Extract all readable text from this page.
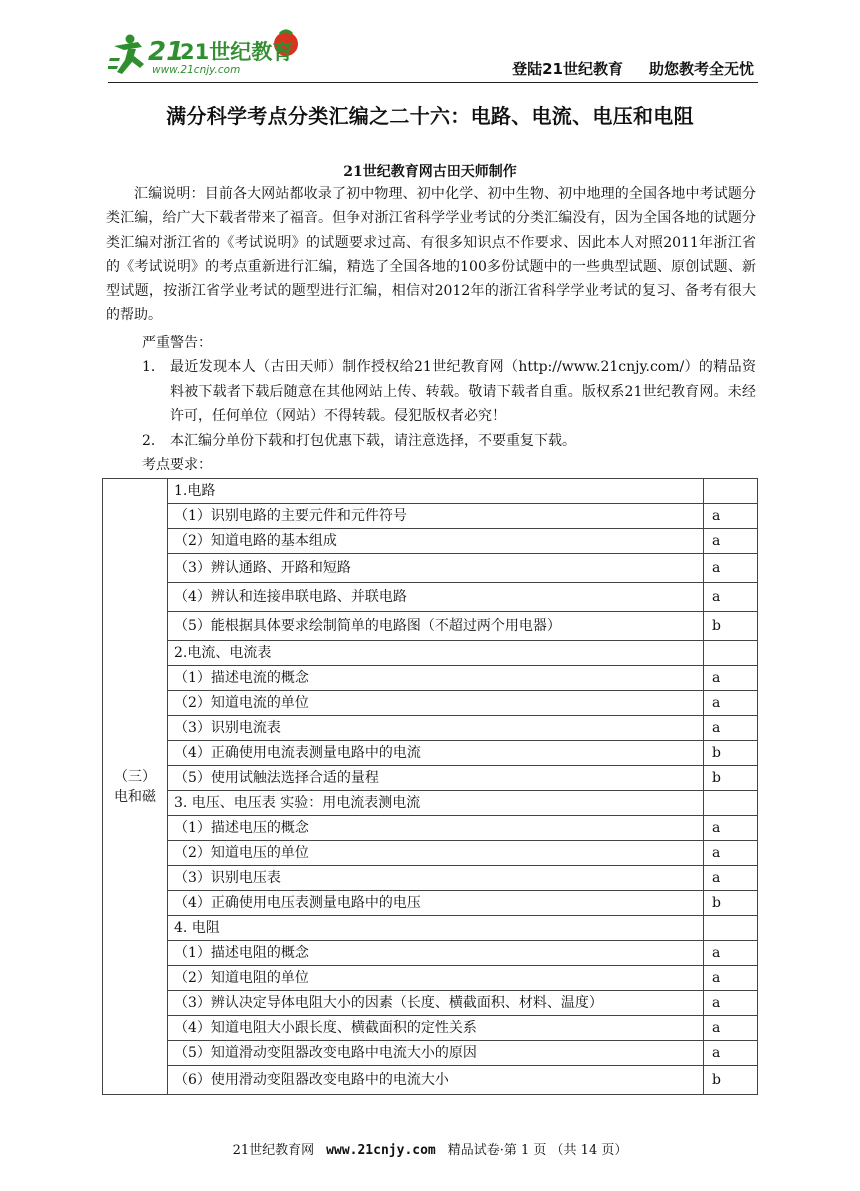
21
21世纪教育
www.21cnjy.com	登陆21世纪教育 助您教考全无忧
满分科学考点分类汇编之二十六：电路、电流、电压和电阻
21世纪教育网古田天师制作
汇编说明：目前各大网站都收录了初中物理、初中化学、初中生物、初中地理的全国各地中考试题分类汇编，给广大下载者带来了福音。但争对浙江省科学学业考试的分类汇编没有，因为全国各地的试题分类汇编对浙江省的《考试说明》的试题要求过高、有很多知识点不作要求、因此本人对照2011年浙江省的《考试说明》的考点重新进行汇编，精选了全国各地的100多份试题中的一些典型试题、原创试题、新型试题，按浙江省学业考试的题型进行汇编，相信对2012年的浙江省科学学业考试的复习、备考有很大的帮助。
严重警告：
1． 最近发现本人（古田天师）制作授权给21世纪教育网（http://www.21cnjy.com/）的精品资料被下载者下载后随意在其他网站上传、转载。敬请下载者自重。版权系21世纪教育网。未经许可，任何单位（网站）不得转载。侵犯版权者必究！
2． 本汇编分单份下载和打包优惠下载，请注意选择，不要重复下载。
考点要求：
（三）
电和磁	1.电路	
	（1）识别电路的主要元件和元件符号	a
	（2）知道电路的基本组成	a
	（3）辨认通路、开路和短路	a
	（4）辨认和连接串联电路、并联电路	a
	（5）能根据具体要求绘制简单的电路图（不超过两个用电器）	b
	2.电流、电流表	
	（1）描述电流的概念	a
	（2）知道电流的单位	a
	（3）识别电流表	a
	（4）正确使用电流表测量电路中的电流	b
	（5）使用试触法选择合适的量程	b
	3. 电压、电压表 实验：用电流表测电流	
	（1）描述电压的概念	a
	（2）知道电压的单位	a
	（3）识别电压表	a
	（4）正确使用电压表测量电路中的电压	b
	4. 电阻	
	（1）描述电阻的概念	a
	（2）知道电阻的单位	a
	（3）辨认决定导体电阻大小的因素（长度、横截面积、材料、温度）	a
	（4）知道电阻大小跟长度、横截面积的定性关系	a
	（5）知道滑动变阻器改变电路中电流大小的原因	a
	（6）使用滑动变阻器改变电路中的电流大小	b
21世纪教育网 www.21cnjy.com 精品试卷·第 1 页 （共 14 页）
